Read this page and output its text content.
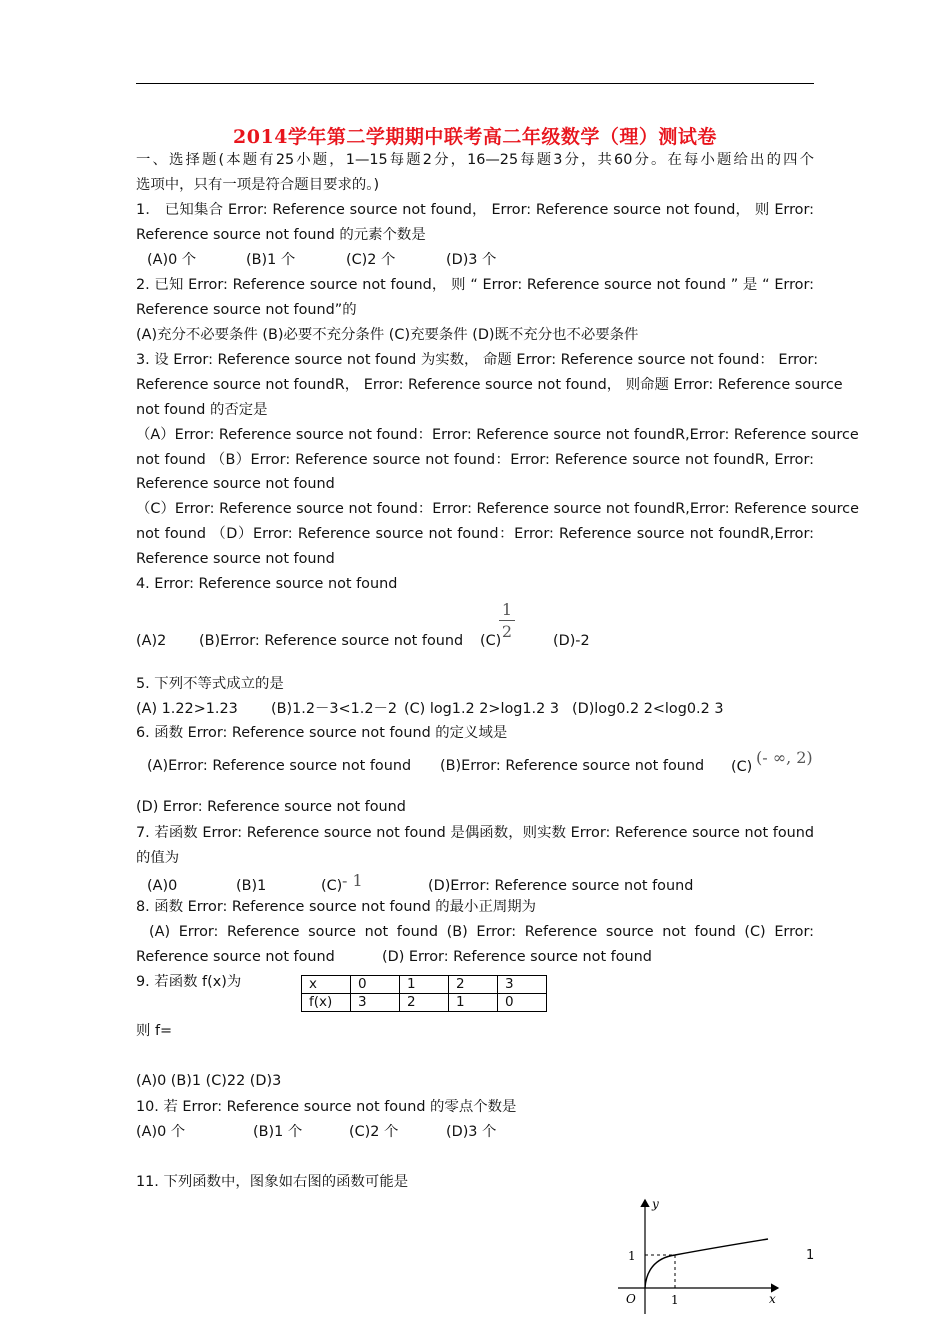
2014学年第二学期期中联考高二年级数学（理）测试卷
一、选择题(本题有25小题，1—15每题2分，16—25每题3分，共60分。在每小题给出的四个
选项中，只有一项是符合题目要求的。)
1． 已知集合 Error: Reference source not found， Error: Reference source not found， 则 Error:
Reference source not found 的元素个数是
(A)0 个	(B)1 个	(C)2 个	(D)3 个
2. 已知 Error: Reference source not found， 则 “ Error: Reference source not found ” 是 “ Error:
Reference source not found”的
(A)充分不必要条件 (B)必要不充分条件 (C)充要条件 (D)既不充分也不必要条件
3. 设 Error: Reference source not found 为实数， 命题 Error: Reference source not found： Error:
Reference source not foundR， Error: Reference source not found， 则命题 Error: Reference source
not found 的否定是
（A）Error: Reference source not found：Error: Reference source not foundR,Error: Reference source
not found （B）Error: Reference source not found：Error: Reference source not foundR, Error:
Reference source not found
（C）Error: Reference source not found：Error: Reference source not foundR,Error: Reference source
not found （D）Error: Reference source not found：Error: Reference source not foundR,Error:
Reference source not found
4. Error: Reference source not found
(A)2 (B)Error: Reference source not found (C)
1
2	(D)-2
5. 下列不等式成立的是
(A) 1.22>1.23 (B)1.2－3<1.2－2 (C) log1.2 2>log1.2 3 (D)log0.2 2<log0.2 3
6. 函数 Error: Reference source not found 的定义域是
(A)Error: Reference source not found (B)Error: Reference source not found (C) (- ∞, 2)
(D) Error: Reference source not found
7. 若函数 Error: Reference source not found 是偶函数，则实数 Error: Reference source not found
的值为
(A)0	(B)1	(C) - 1	(D)Error: Reference source not found
8. 函数 Error: Reference source not found 的最小正周期为
(A) Error: Reference source not found (B) Error: Reference source not found (C) Error:
Reference source not found	(D) Error: Reference source not found
9. 若函数 f(x)为	x	0	1	2	3
f(x)	3	2	1	0
则 f=
(A)0 (B)1 (C)22 (D)3
10. 若 Error: Reference source not found 的零点个数是
(A)0 个	(B)1 个	(C)2 个	(D)3 个
11. 下列函数中，图象如右图的函数可能是
y
x
O
1
1
1
